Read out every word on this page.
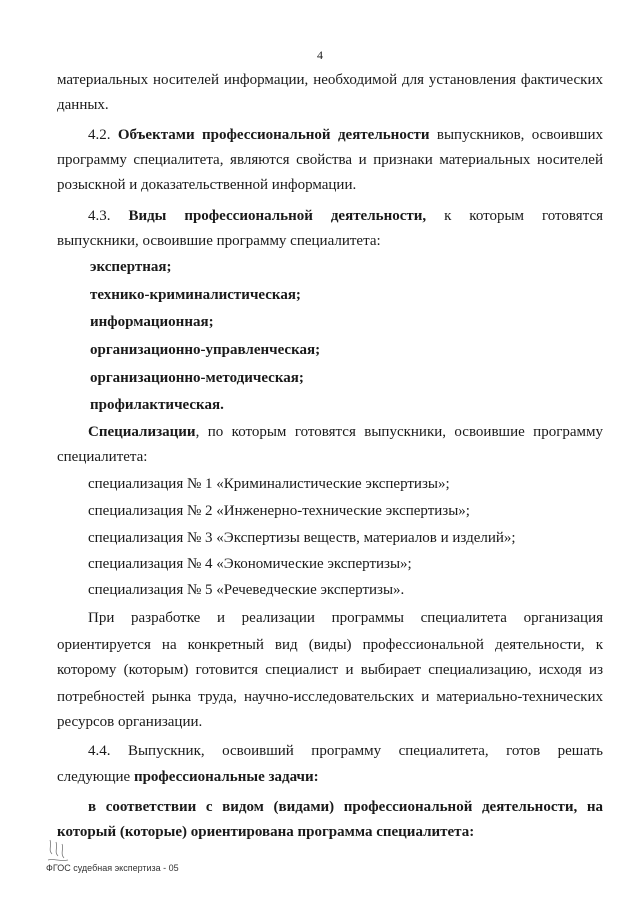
4
материальных носителей информации, необходимой для установления фактических
данных.
4.2. Объектами профессиональной деятельности выпускников, освоивших
программу специалитета, являются свойства и признаки материальных носителей
розыскной и доказательственной информации.
4.3. Виды профессиональной деятельности, к которым готовятся
выпускники, освоившие программу специалитета:
экспертная;
технико-криминалистическая;
информационная;
организационно-управленческая;
организационно-методическая;
профилактическая.
Специализации, по которым готовятся выпускники, освоившие программу
специалитета:
специализация № 1 «Криминалистические экспертизы»;
специализация № 2 «Инженерно-технические экспертизы»;
специализация № 3 «Экспертизы веществ, материалов и изделий»;
специализация № 4 «Экономические экспертизы»;
специализация № 5 «Речеведческие экспертизы».
При разработке и реализации программы специалитета организация
ориентируется на конкретный вид (виды) профессиональной деятельности, к
которому (которым) готовится специалист и выбирает специализацию, исходя из
потребностей рынка труда, научно-исследовательских и материально-технических
ресурсов организации.
4.4. Выпускник, освоивший программу специалитета, готов решать
следующие профессиональные задачи:
в соответствии с видом (видами) профессиональной деятельности, на
который (которые) ориентирована программа специалитета:
ФГОС судебная экспертиза - 05
